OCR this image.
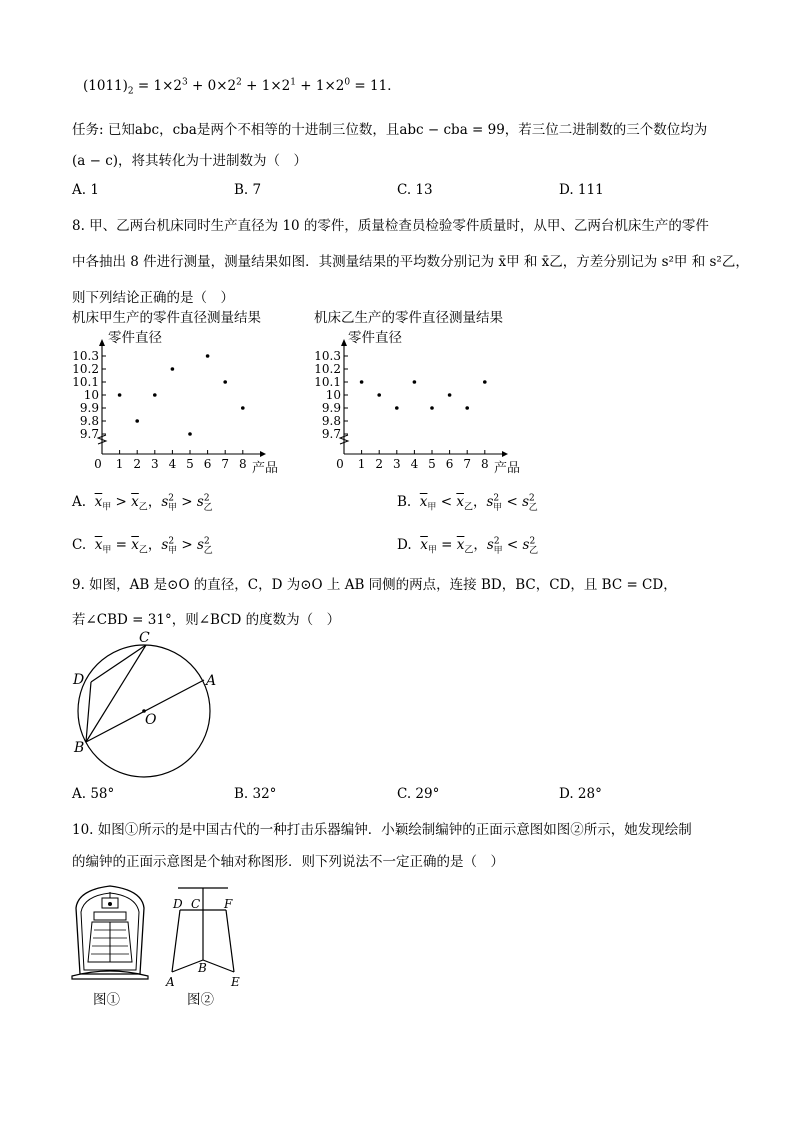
$(1011)_2 = 1\times 2^3 + 0\times 2^2 + 1\times 2^1 + 1\times 2^0 = 11$．
任务: 已知abc，cba是两个不相等的十进制三位数，且abc − cba = 99，若三位二进制数的三个数位均为
(a − c)，将其转化为十进制数为（　）
A. 1	B. 7	C. 13	D. 111
8. 甲、乙两台机床同时生产直径为 10 的零件，质量检查员检验零件质量时，从甲、乙两台机床生产的零件
中各抽出 8 件进行测量，测量结果如图．其测量结果的平均数分别记为 x̄甲 和 x̄乙，方差分别记为 s²甲 和 s²乙，
则下列结论正确的是（　）
机床甲生产的零件直径测量结果
零件直径
产品
9.7
9.8
9.9
10
10.1
10.2
10.3
0 1 2 3 4 5 6 7 8
机床乙生产的零件直径测量结果
零件直径
产品
9.7
9.8
9.9
10
10.1
10.2
10.3
0 1 2 3 4 5 6 7 8
A.  $\overline{x}_甲 > \overline{x}_乙$，$s^2_甲 > s^2_乙$	B.  $\overline{x}_甲 < \overline{x}_乙$，$s^2_甲 < s^2_乙$
C.  $\overline{x}_甲 = \overline{x}_乙$，$s^2_甲 > s^2_乙$	D.  $\overline{x}_甲 = \overline{x}_乙$，$s^2_甲 < s^2_乙$
9. 如图，AB 是⊙O 的直径，C，D 为⊙O 上 AB 同侧的两点，连接 BD，BC，CD，且 BC = CD，
若∠CBD = 31°，则∠BCD 的度数为（　）
C
D	A
O
B
A. 58°	B. 32°	C. 29°	D. 28°
10. 如图①所示的是中国古代的一种打击乐器编钟．小颖绘制编钟的正面示意图如图②所示，她发现绘制
的编钟的正面示意图是个轴对称图形．则下列说法不一定正确的是（　）
图①
D C F
B
A	E
图②
